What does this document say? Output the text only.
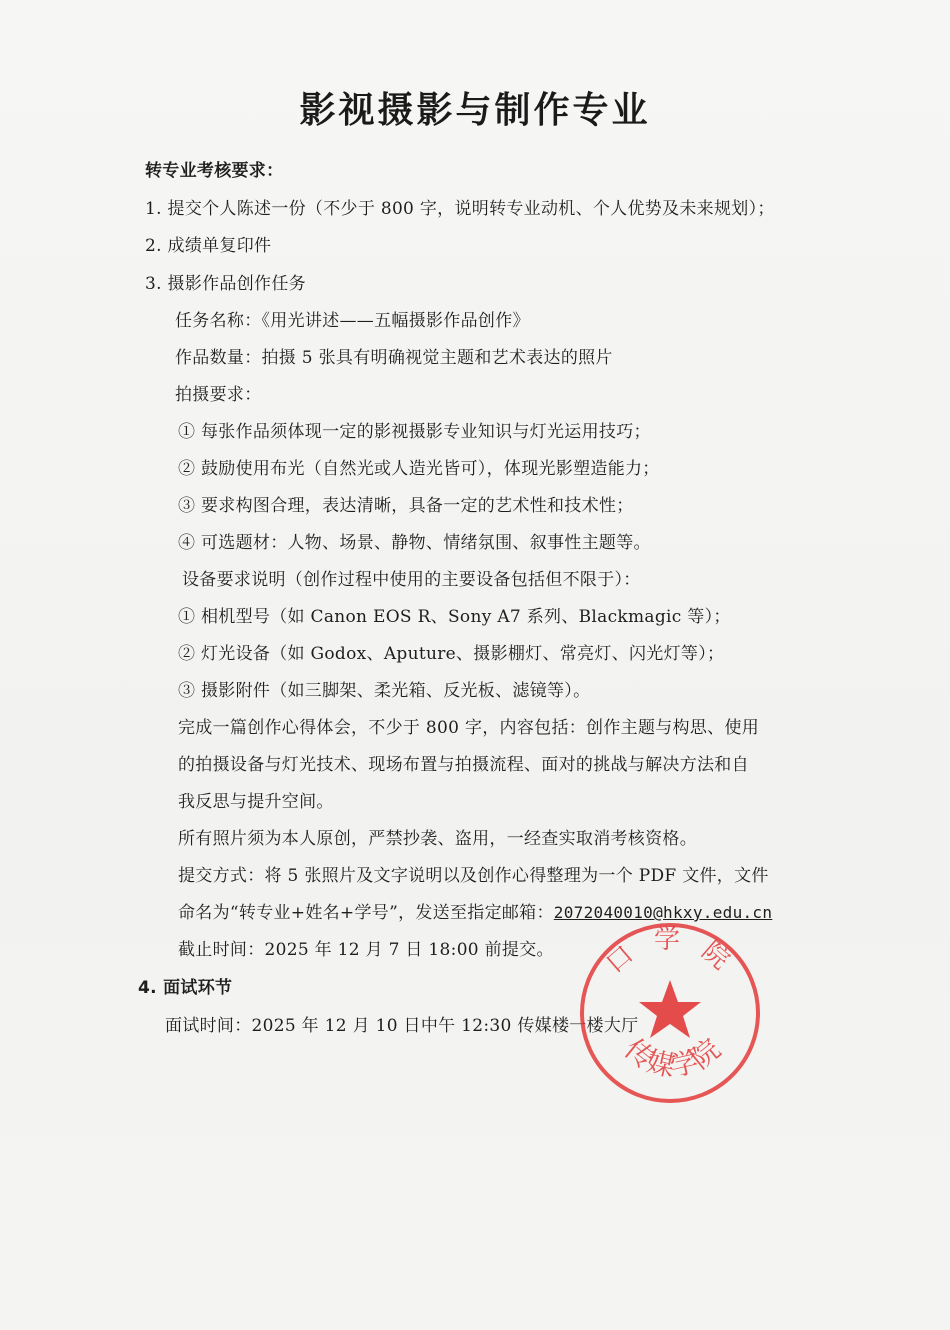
影视摄影与制作专业
转专业考核要求：
1. 提交个人陈述一份（不少于 800 字，说明转专业动机、个人优势及未来规划）；
2. 成绩单复印件
3. 摄影作品创作任务
任务名称：《用光讲述——五幅摄影作品创作》
作品数量：拍摄 5 张具有明确视觉主题和艺术表达的照片
拍摄要求：
① 每张作品须体现一定的影视摄影专业知识与灯光运用技巧；
② 鼓励使用布光（自然光或人造光皆可），体现光影塑造能力；
③ 要求构图合理，表达清晰，具备一定的艺术性和技术性；
④ 可选题材：人物、场景、静物、情绪氛围、叙事性主题等。
设备要求说明（创作过程中使用的主要设备包括但不限于）：
① 相机型号（如 Canon EOS R、Sony A7 系列、Blackmagic 等）；
② 灯光设备（如 Godox、Aputure、摄影棚灯、常亮灯、闪光灯等）；
③ 摄影附件（如三脚架、柔光箱、反光板、滤镜等）。
完成一篇创作心得体会，不少于 800 字，内容包括：创作主题与构思、使用
的拍摄设备与灯光技术、现场布置与拍摄流程、面对的挑战与解决方法和自
我反思与提升空间。
所有照片须为本人原创，严禁抄袭、盗用，一经查实取消考核资格。
提交方式：将 5 张照片及文字说明以及创作心得整理为一个 PDF 文件，文件
命名为“转专业+姓名+学号”，发送至指定邮箱：2072040010@hkxy.edu.cn
截止时间：2025 年 12 月 7 日 18:00 前提交。
4. 面试环节
面试时间：2025 年 12 月 10 日中午 12:30 传媒楼一楼大厅
口 学 院
传媒学院
